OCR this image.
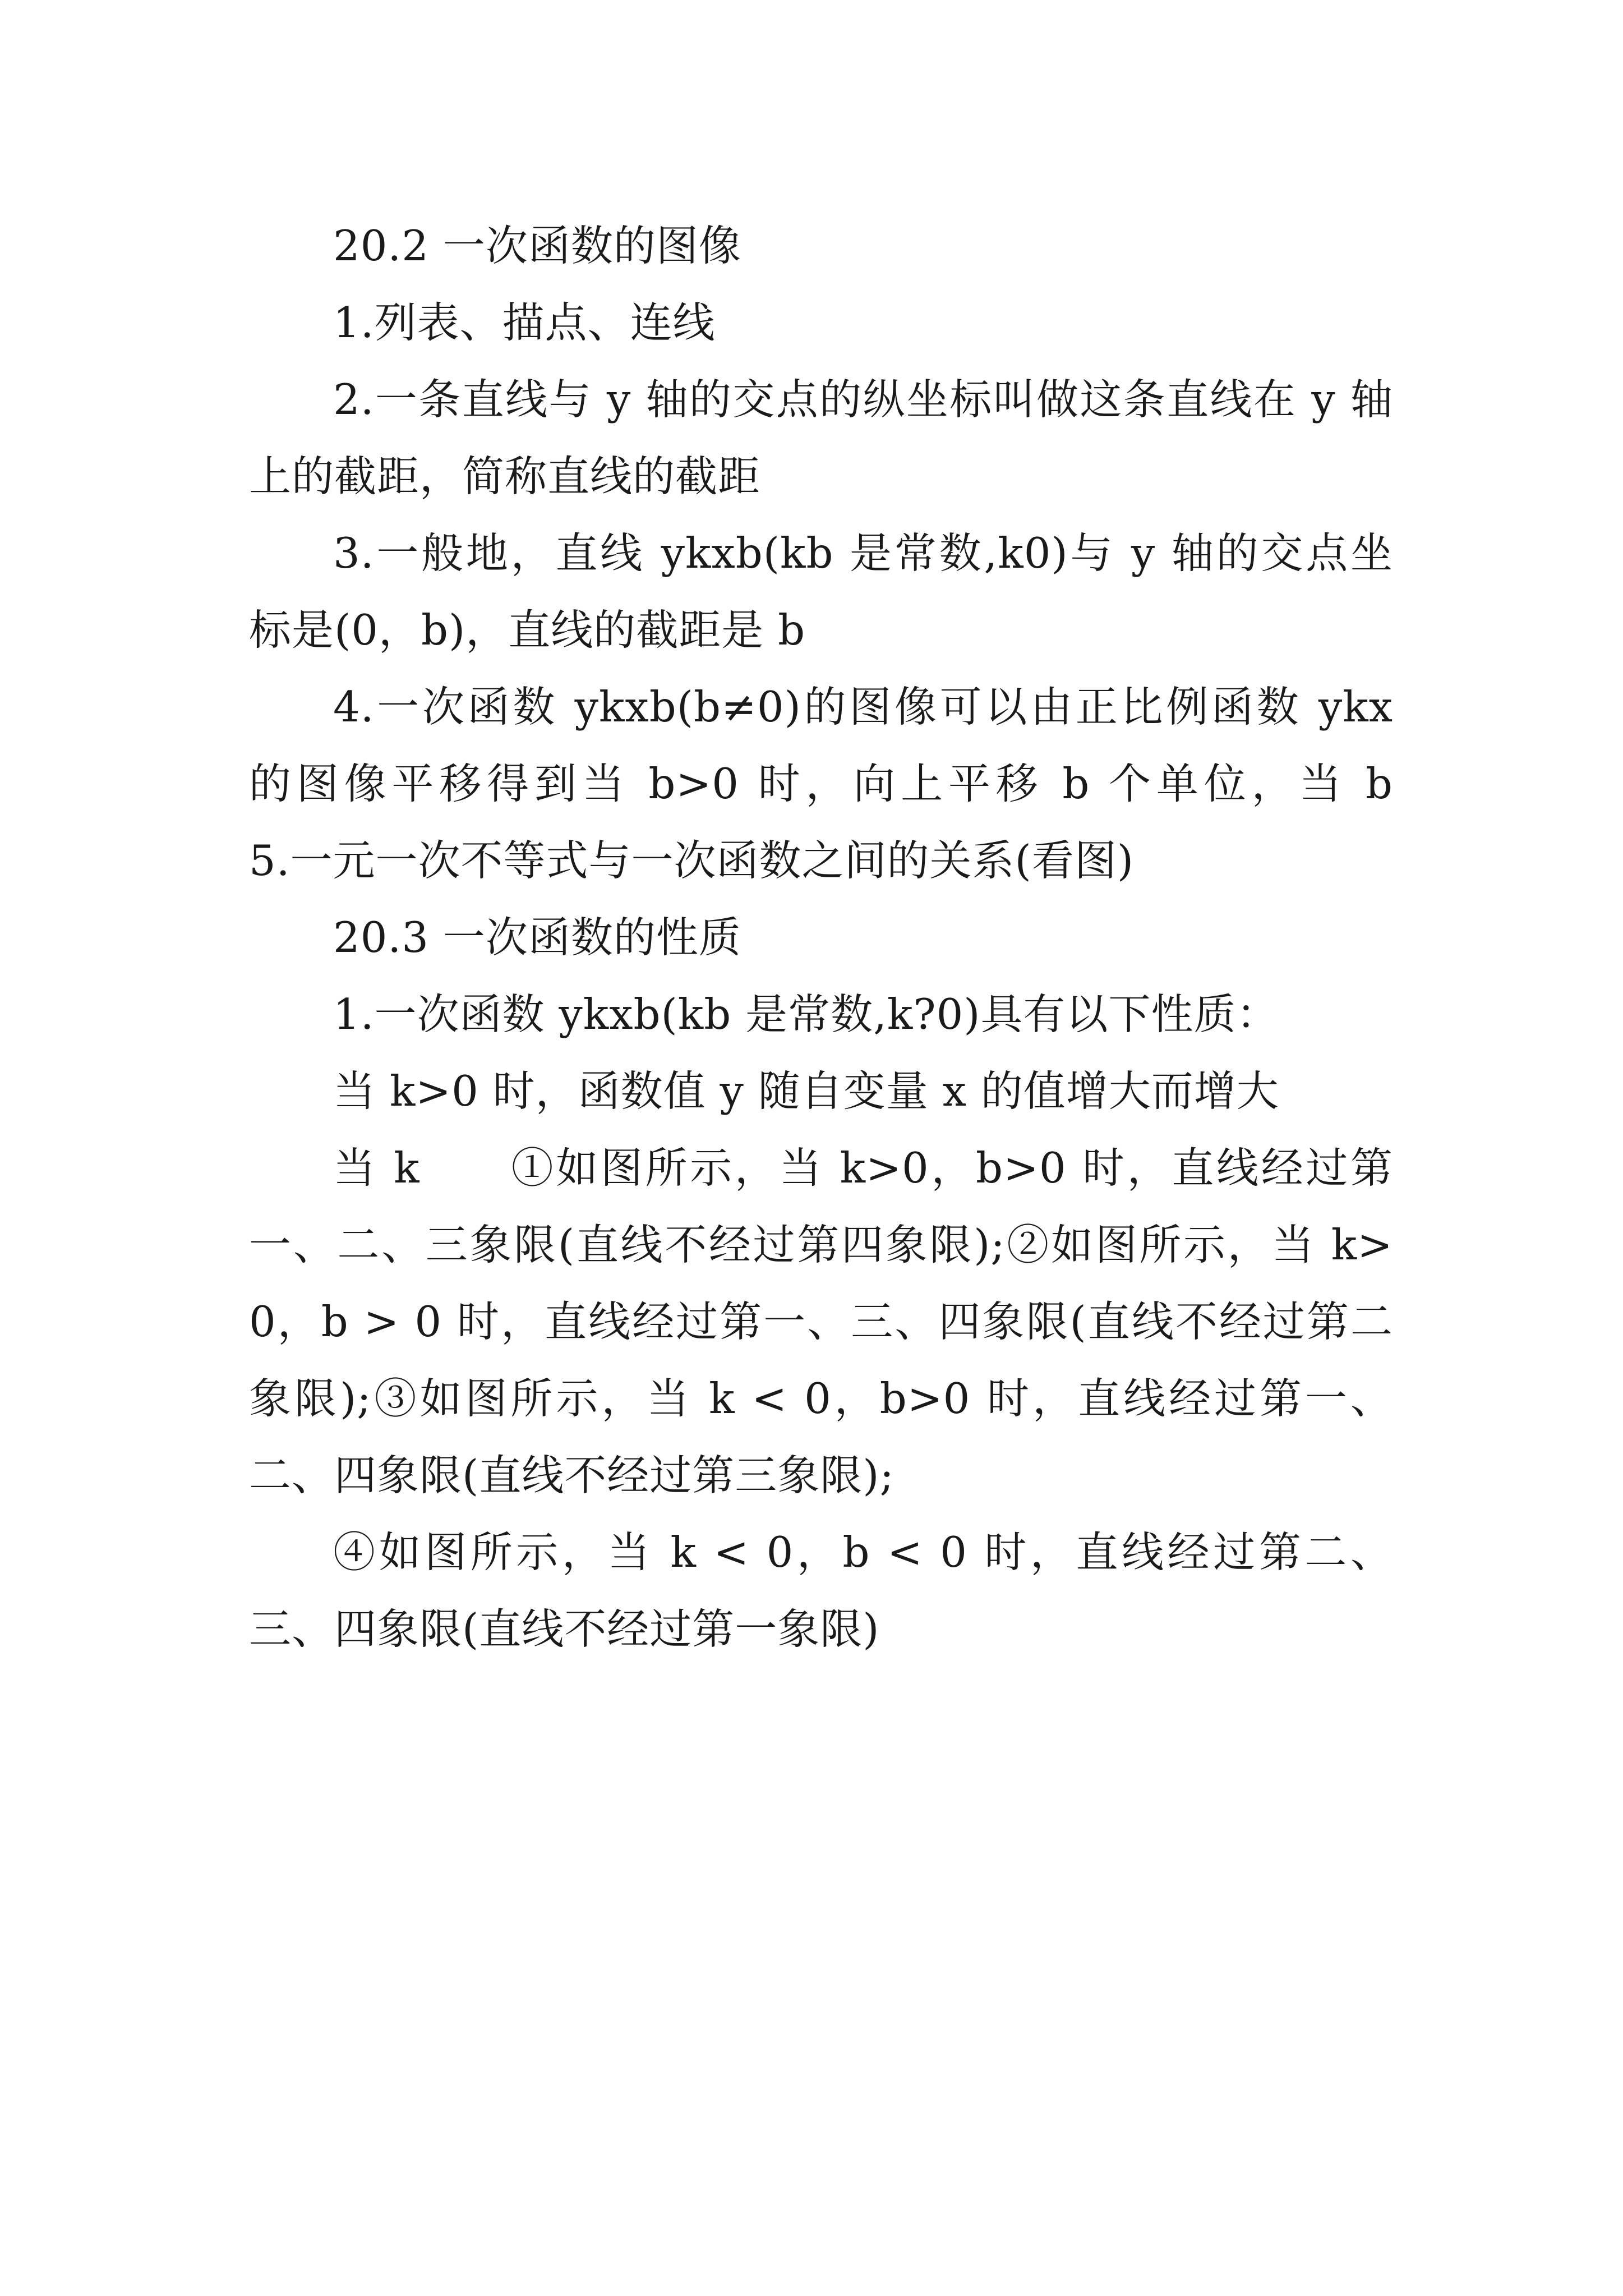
20.2 一次函数的图像

1.列表、描点、连线

2.一条直线与 y 轴的交点的纵坐标叫做这条直线在 y 轴上的截距，简称直线的截距

3.一般地，直线 ykxb(kb 是常数,k0)与 y 轴的交点坐标是(0，b)，直线的截距是 b

4.一次函数 ykxb(b≠0)的图像可以由正比例函数 ykx 的图像平移得到当 b>0 时，向上平移 b 个单位，当 b　　5.一元一次不等式与一次函数之间的关系(看图)

20.3 一次函数的性质

1.一次函数 ykxb(kb 是常数,k?0)具有以下性质：

当 k>0 时，函数值 y 随自变量 x 的值增大而增大

当 k　　①如图所示，当 k>0，b>0 时，直线经过第一、二、三象限(直线不经过第四象限);②如图所示，当 k>0，b > 0 时，直线经过第一、三、四象限(直线不经过第二象限);③如图所示，当 k < 0，b>0 时，直线经过第一、二、四象限(直线不经过第三象限);

④如图所示，当 k < 0，b < 0 时，直线经过第二、三、四象限(直线不经过第一象限)
